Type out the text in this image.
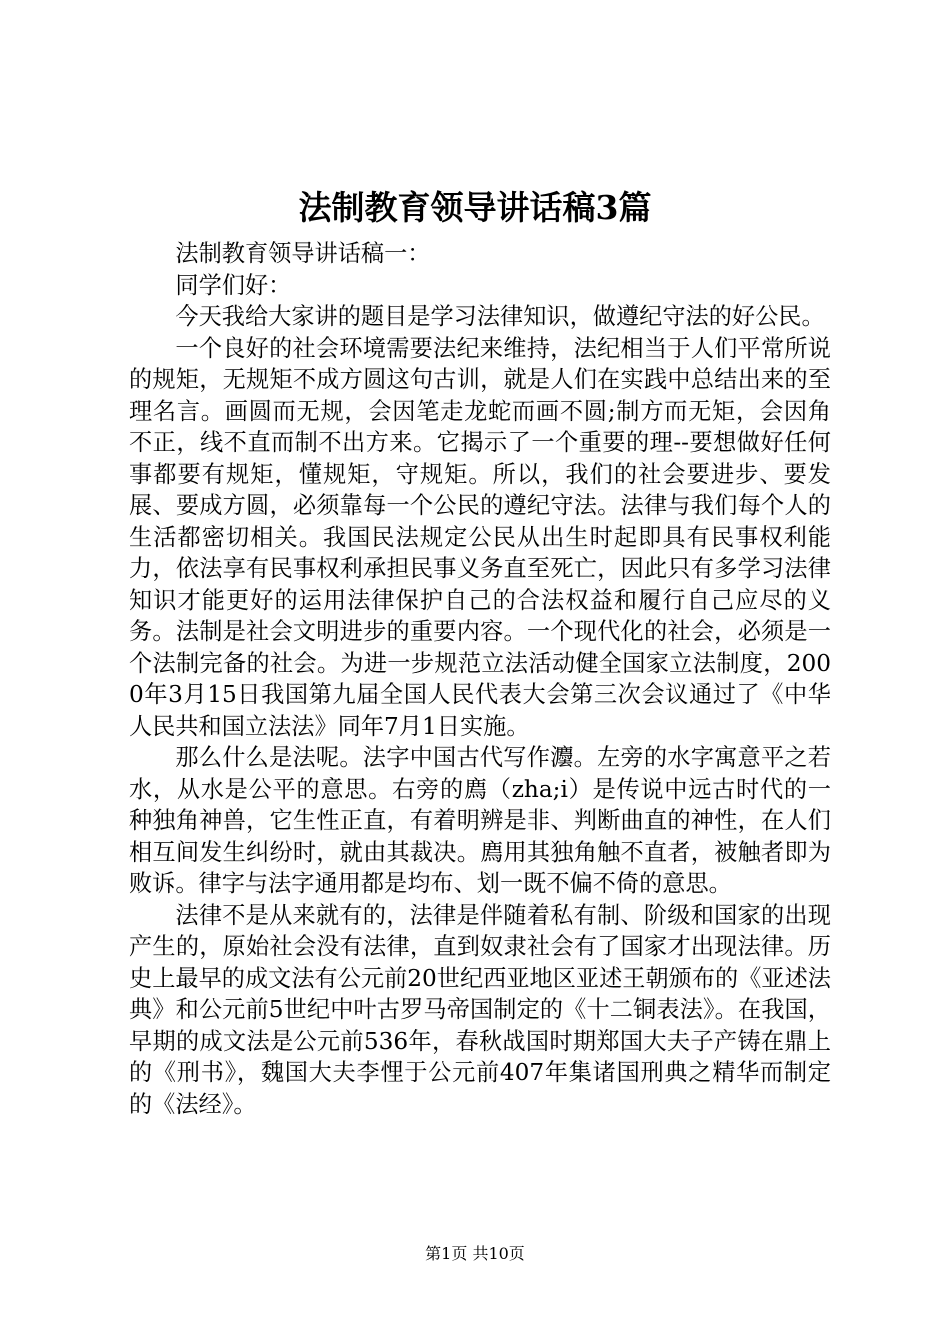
法制教育领导讲话稿3篇

法制教育领导讲话稿一：

同学们好：

今天我给大家讲的题目是学习法律知识，做遵纪守法的好公民。

一个良好的社会环境需要法纪来维持，法纪相当于人们平常所说的规矩，无规矩不成方圆这句古训，就是人们在实践中总结出来的至理名言。画圆而无规，会因笔走龙蛇而画不圆;制方而无矩，会因角不正，线不直而制不出方来。它揭示了一个重要的理--要想做好任何事都要有规矩，懂规矩，守规矩。所以，我们的社会要进步、要发展、要成方圆，必须靠每一个公民的遵纪守法。法律与我们每个人的生活都密切相关。我国民法规定公民从出生时起即具有民事权利能力，依法享有民事权利承担民事义务直至死亡，因此只有多学习法律知识才能更好的运用法律保护自己的合法权益和履行自己应尽的义务。法制是社会文明进步的重要内容。一个现代化的社会，必须是一个法制完备的社会。为进一步规范立法活动健全国家立法制度，2000年3月15日我国第九届全国人民代表大会第三次会议通过了《中华人民共和国立法法》同年7月1日实施。

那么什么是法呢。法字中国古代写作灋。左旁的水字寓意平之若水，从水是公平的意思。右旁的廌（zha;i）是传说中远古时代的一种独角神兽，它生性正直，有着明辨是非、判断曲直的神性，在人们相互间发生纠纷时，就由其裁决。廌用其独角触不直者，被触者即为败诉。律字与法字通用都是均布、划一既不偏不倚的意思。

法律不是从来就有的，法律是伴随着私有制、阶级和国家的出现产生的，原始社会没有法律，直到奴隶社会有了国家才出现法律。历史上最早的成文法有公元前20世纪西亚地区亚述王朝颁布的《亚述法典》和公元前5世纪中叶古罗马帝国制定的《十二铜表法》。在我国，早期的成文法是公元前536年，春秋战国时期郑国大夫子产铸在鼎上的《刑书》，魏国大夫李悝于公元前407年集诸国刑典之精华而制定的《法经》。

第1页 共10页
